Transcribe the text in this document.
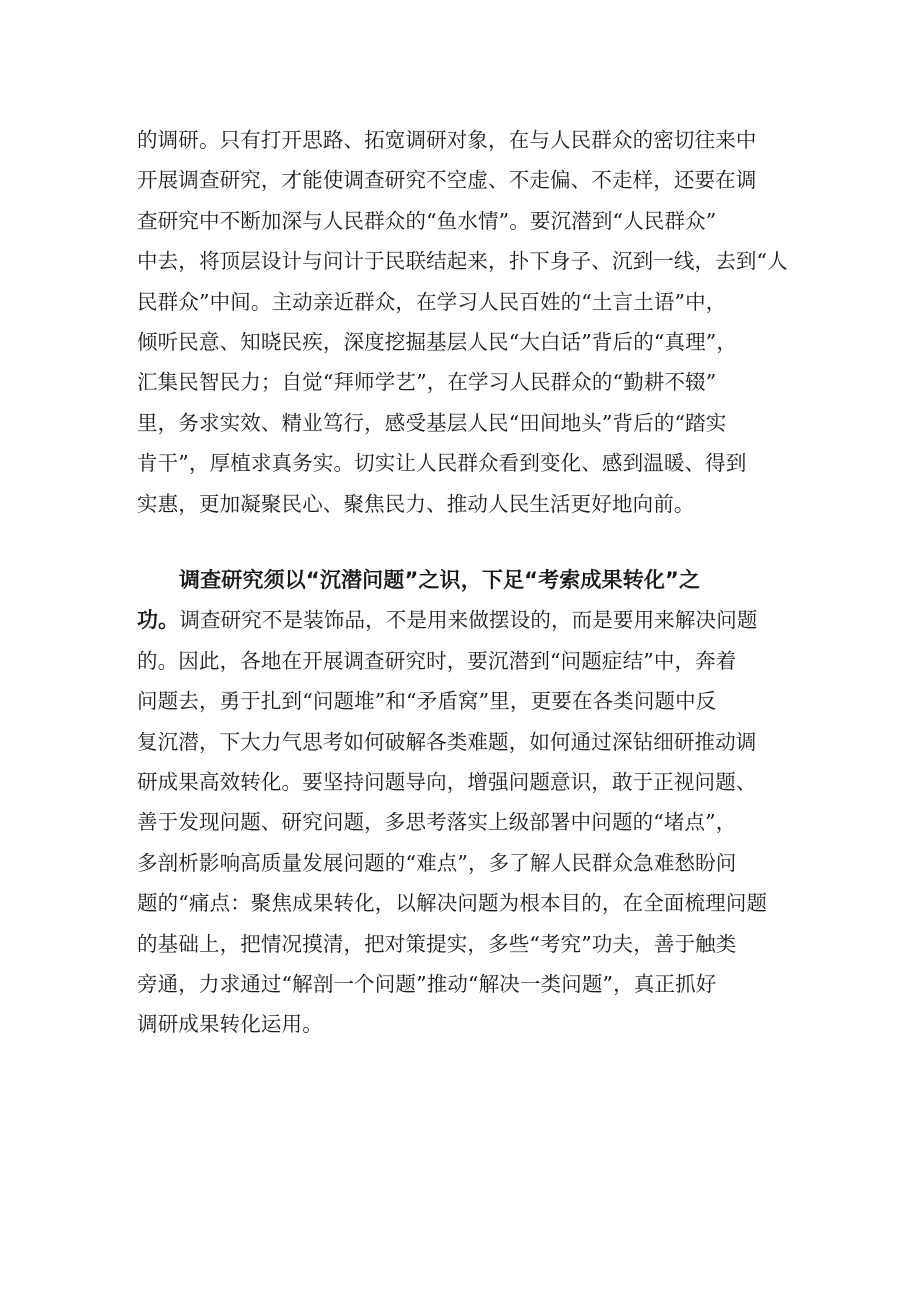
的调研。只有打开思路、拓宽调研对象，在与人民群众的密切往来中
开展调查研究，才能使调查研究不空虚、不走偏、不走样，还要在调
查研究中不断加深与人民群众的“鱼水情”。要沉潜到“人民群众”
中去，将顶层设计与问计于民联结起来，扑下身子、沉到一线，去到“人
民群众”中间。主动亲近群众，在学习人民百姓的“土言土语”中，
倾听民意、知晓民疾，深度挖掘基层人民“大白话”背后的“真理”，
汇集民智民力；自觉“拜师学艺”，在学习人民群众的“勤耕不辍”
里，务求实效、精业笃行，感受基层人民“田间地头”背后的“踏实
肯干”，厚植求真务实。切实让人民群众看到变化、感到温暖、得到
实惠，更加凝聚民心、聚焦民力、推动人民生活更好地向前。
调查研究须以“沉潜问题”之识，下足“考索成果转化”之
功。调查研究不是装饰品，不是用来做摆设的，而是要用来解决问题
的。因此，各地在开展调查研究时，要沉潜到“问题症结”中，奔着
问题去，勇于扎到“问题堆”和“矛盾窝”里，更要在各类问题中反
复沉潜，下大力气思考如何破解各类难题，如何通过深钻细研推动调
研成果高效转化。要坚持问题导向，增强问题意识，敢于正视问题、
善于发现问题、研究问题，多思考落实上级部署中问题的“堵点”，
多剖析影响高质量发展问题的“难点”，多了解人民群众急难愁盼问
题的“痛点：聚焦成果转化，以解决问题为根本目的，在全面梳理问题
的基础上，把情况摸清，把对策提实，多些“考究”功夫，善于触类
旁通，力求通过“解剖一个问题”推动“解决一类问题”，真正抓好
调研成果转化运用。
